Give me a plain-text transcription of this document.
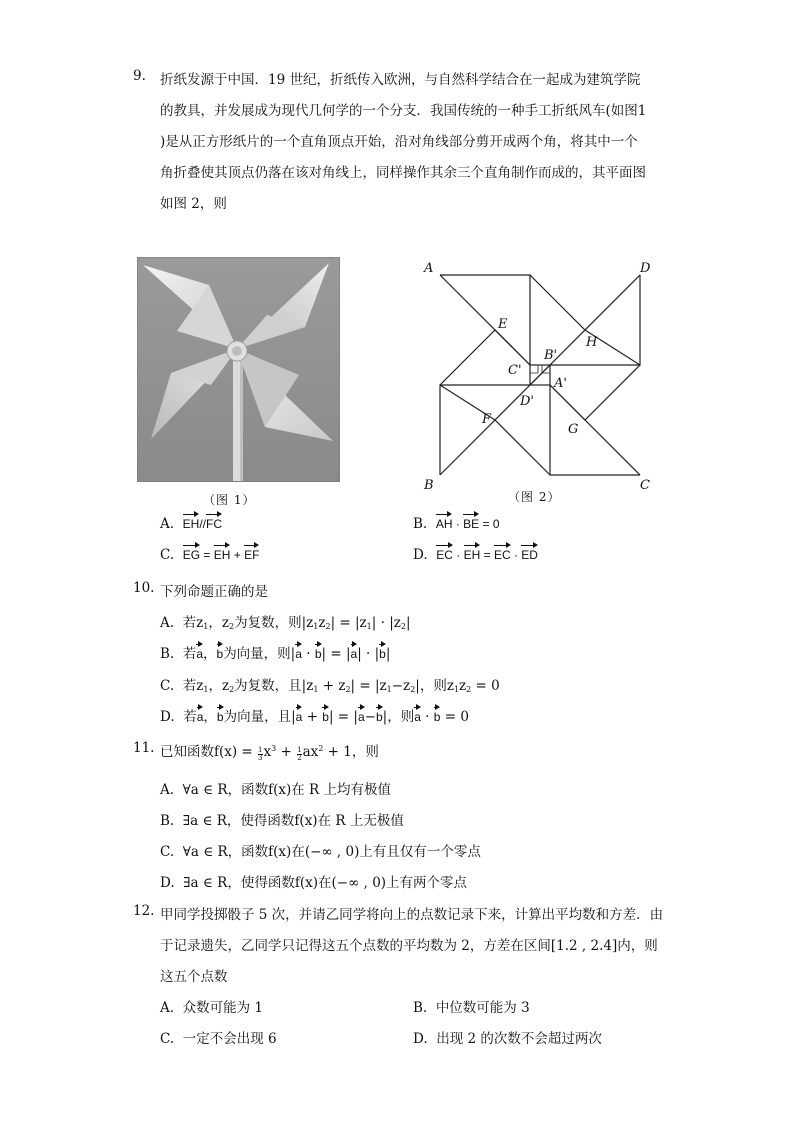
9. 折纸发源于中国．19 世纪，折纸传入欧洲，与自然科学结合在一起成为建筑学院
的教具，并发展成为现代几何学的一个分支．我国传统的一种手工折纸风车(如图1
)是从正方形纸片的一个直角顶点开始，沿对角线部分剪开成两个角，将其中一个
角折叠使其顶点仍落在该对角线上，同样操作其余三个直角制作而成的，其平面图
如图 2，则
（图 1）
A	D
B	C
E
H
F
G
B'
C'
A'
D'
（图 2）
A. EH//FC	B. AH · BE = 0
C. EG = EH + EF	D. EC · EH = EC · ED
10. 下列命题正确的是
A. 若$z_1$，$z_2$为复数，则$|z_1z_2| = |z_1| \cdot |z_2|$
B. 若a，b为向量，则|a · b| = |a| · |b|
C. 若$z_1$，$z_2$为复数，且$|z_1 + z_2| = |z_1-z_2|$，则$z_1z_2 = 0$
D. 若a，b为向量，且|a + b| = |a−b|，则a · b = 0
11. 已知函数$f(x) = \frac{1}{3} x^3 + \frac{1}{2} ax^2 + 1$，则
A. ∀a ∈ R，函数f(x)在 R 上均有极值
B. ∃a ∈ R，使得函数f(x)在 R 上无极值
C. ∀a ∈ R，函数f(x)在(−∞ , 0)上有且仅有一个零点
D. ∃a ∈ R，使得函数f(x)在(−∞ , 0)上有两个零点
12. 甲同学投掷骰子 5 次，并请乙同学将向上的点数记录下来，计算出平均数和方差．由
于记录遗失，乙同学只记得这五个点数的平均数为 2，方差在区间[1.2 , 2.4]内，则
这五个点数
A. 众数可能为 1	B. 中位数可能为 3
C. 一定不会出现 6	D. 出现 2 的次数不会超过两次
